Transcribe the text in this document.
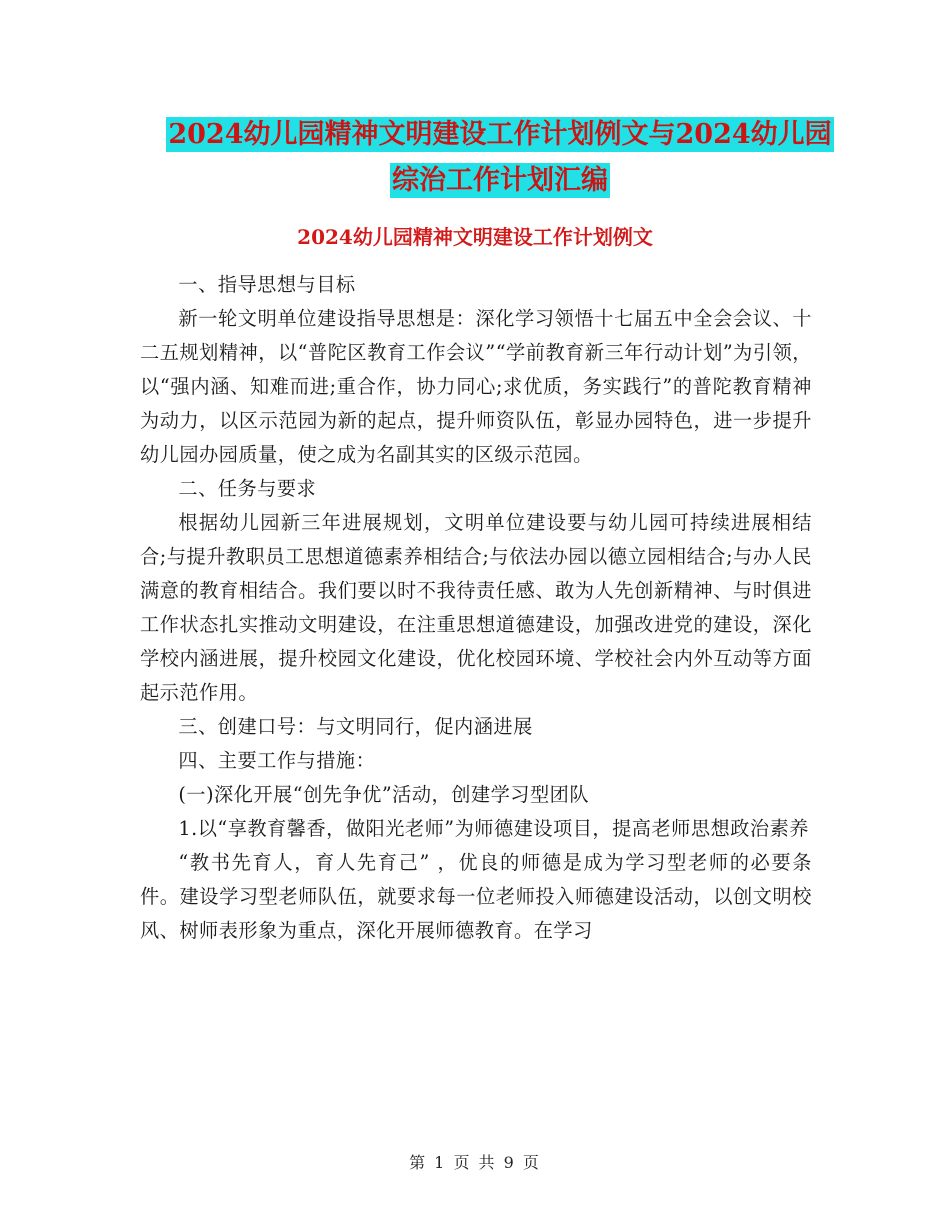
2024幼儿园精神文明建设工作计划例文与2024幼儿园
综治工作计划汇编
2024幼儿园精神文明建设工作计划例文

一、指导思想与目标

新一轮文明单位建设指导思想是：深化学习领悟十七届五中全会会议、十二五规划精神，以“普陀区教育工作会议”“学前教育新三年行动计划”为引领，以“强内涵、知难而进;重合作，协力同心;求优质，务实践行”的普陀教育精神为动力，以区示范园为新的起点，提升师资队伍，彰显办园特色，进一步提升幼儿园办园质量，使之成为名副其实的区级示范园。

二、任务与要求

根据幼儿园新三年进展规划，文明单位建设要与幼儿园可持续进展相结合;与提升教职员工思想道德素养相结合;与依法办园以德立园相结合;与办人民满意的教育相结合。我们要以时不我待责任感、敢为人先创新精神、与时俱进工作状态扎实推动文明建设，在注重思想道德建设，加强改进党的建设，深化学校内涵进展，提升校园文化建设，优化校园环境、学校社会内外互动等方面起示范作用。

三、创建口号：与文明同行，促内涵进展

四、主要工作与措施：

(一)深化开展“创先争优”活动，创建学习型团队

1.以“享教育馨香，做阳光老师”为师德建设项目，提高老师思想政治素养

“教书先育人，育人先育己” ，优良的师德是成为学习型老师的必要条件。建设学习型老师队伍，就要求每一位老师投入师德建设活动，以创文明校风、树师表形象为重点，深化开展师德教育。在学习

第 1 页 共 9 页
